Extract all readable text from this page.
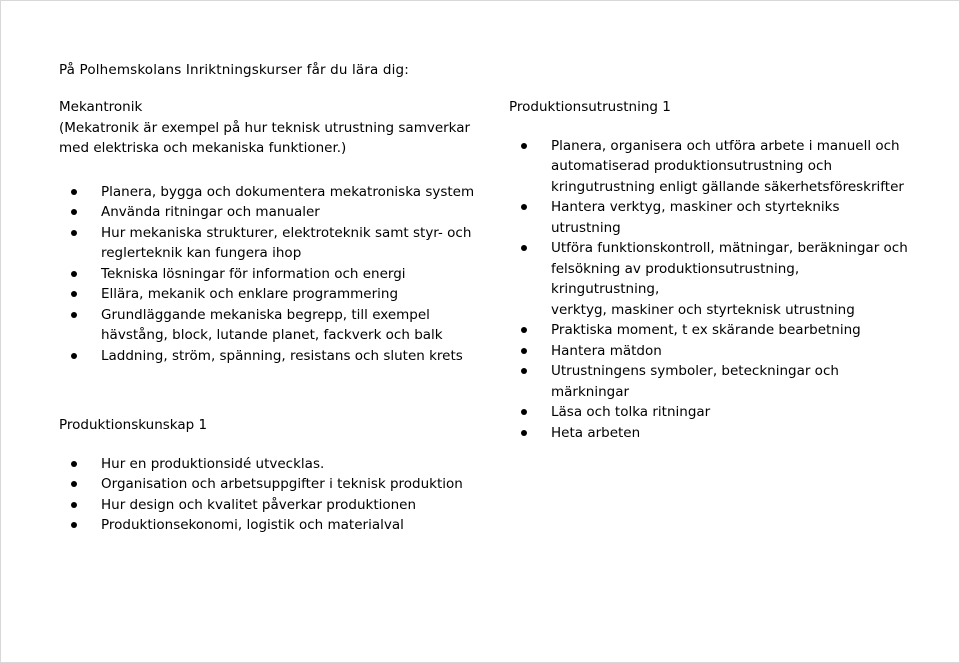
På Polhemskolans Inriktningskurser får du lära dig:

Mekantronik

(Mekatronik är exempel på hur teknisk utrustning samverkar

med elektriska och mekaniska funktioner.)

Planera, bygga och dokumentera mekatroniska system
Använda ritningar och manualer
Hur mekaniska strukturer, elektroteknik samt styr- och
reglerteknik kan fungera ihop
Tekniska lösningar för information och energi
Ellära, mekanik och enklare programmering
Grundläggande mekaniska begrepp, till exempel
hävstång, block, lutande planet, fackverk och balk
Laddning, ström, spänning, resistans och sluten krets

Produktionsutrustning 1

Planera, organisera och utföra arbete i manuell och
automatiserad produktionsutrustning och
kringutrustning enligt gällande säkerhetsföreskrifter
Hantera verktyg, maskiner och styrtekniks utrustning
Utföra funktionskontroll, mätningar, beräkningar och
felsökning av produktionsutrustning, kringutrustning,
verktyg, maskiner och styrteknisk utrustning
Praktiska moment, t ex skärande bearbetning
Hantera mätdon
Utrustningens symboler, beteckningar och märkningar
Läsa och tolka ritningar
Heta arbeten

Produktionskunskap 1

Hur en produktionsidé utvecklas.
Organisation och arbetsuppgifter i teknisk produktion
Hur design och kvalitet påverkar produktionen
Produktionsekonomi, logistik och materialval
